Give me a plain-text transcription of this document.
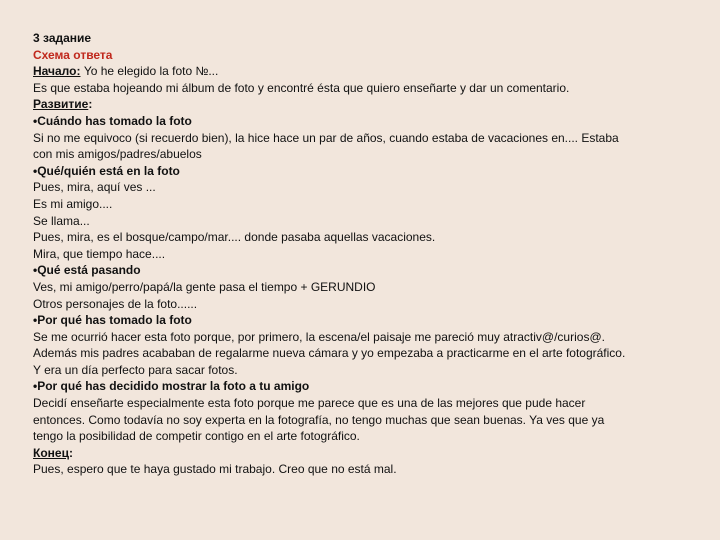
3 задание
Схема ответа
Начало: Yo he elegido la foto №...
Es que estaba hojeando mi álbum de foto y encontré ésta que quiero enseñarte y dar un comentario.
Развитие:
•Cuándo has tomado la foto
Si no me equivoco (si recuerdo bien), la hice hace un par de años, cuando estaba de vacaciones en.... Estaba
con mis amigos/padres/abuelos
•Qué/quién está en la foto
Pues, mira, aquí ves ...
Es mi amigo....
Se llama...
Pues, mira, es el bosque/campo/mar.... donde pasaba aquellas vacaciones.
Mira, que tiempo hace....
•Qué está pasando
Ves, mi amigo/perro/papá/la gente pasa el tiempo + GERUNDIO
Otros personajes de la foto......
•Por qué has tomado la foto
Se me ocurrió hacer esta foto porque, por primero, la escena/el paisaje me pareció muy atractiv@/curios@.
Además mis padres acababan de regalarme nueva cámara y yo empezaba a practicarme en el arte fotográfico.
Y era un día perfecto para sacar fotos.
•Por qué has decidido mostrar la foto a tu amigo
Decidí enseñarte especialmente esta foto porque me parece que es una de las mejores que pude hacer
entonces. Como todavía no soy experta en la fotografía, no tengo muchas que sean buenas. Ya ves que ya
tengo la posibilidad de competir contigo en el arte fotográfico.
Конец:
Pues, espero que te haya gustado mi trabajo. Creo que no está mal.
